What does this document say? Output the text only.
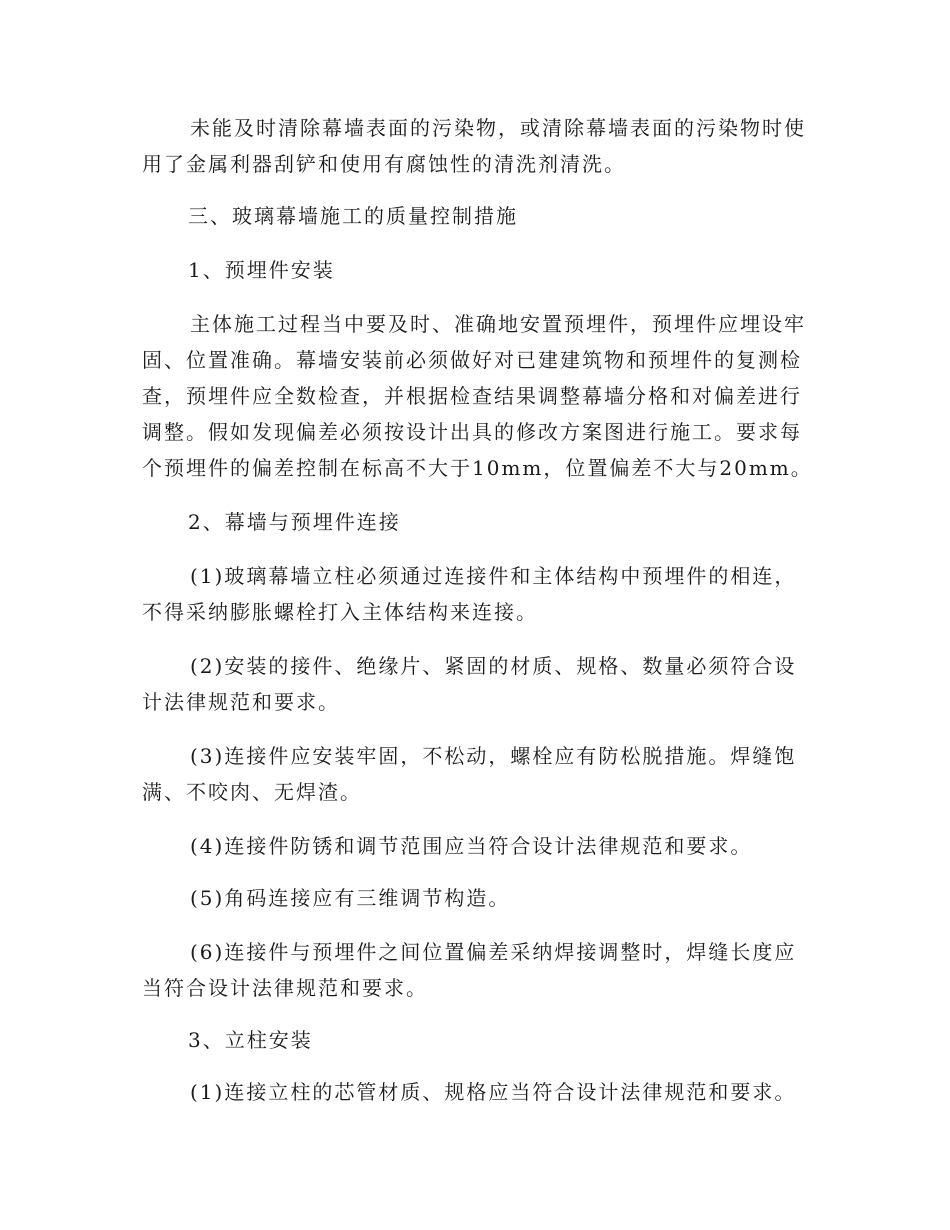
未能及时清除幕墙表面的污染物，或清除幕墙表面的污染物时使
用了金属利器刮铲和使用有腐蚀性的清洗剂清洗。
三、玻璃幕墙施工的质量控制措施
1、预埋件安装
主体施工过程当中要及时、准确地安置预埋件，预埋件应埋设牢
固、位置准确。幕墙安装前必须做好对已建建筑物和预埋件的复测检
查，预埋件应全数检查，并根据检查结果调整幕墙分格和对偏差进行
调整。假如发现偏差必须按设计出具的修改方案图进行施工。要求每
个预埋件的偏差控制在标高不大于10mm，位置偏差不大与20mm。
2、幕墙与预埋件连接
(1)玻璃幕墙立柱必须通过连接件和主体结构中预埋件的相连，
不得采纳膨胀螺栓打入主体结构来连接。
(2)安装的接件、绝缘片、紧固的材质、规格、数量必须符合设
计法律规范和要求。
(3)连接件应安装牢固，不松动，螺栓应有防松脱措施。焊缝饱
满、不咬肉、无焊渣。
(4)连接件防锈和调节范围应当符合设计法律规范和要求。
(5)角码连接应有三维调节构造。
(6)连接件与预埋件之间位置偏差采纳焊接调整时，焊缝长度应
当符合设计法律规范和要求。
3、立柱安装
(1)连接立柱的芯管材质、规格应当符合设计法律规范和要求。
